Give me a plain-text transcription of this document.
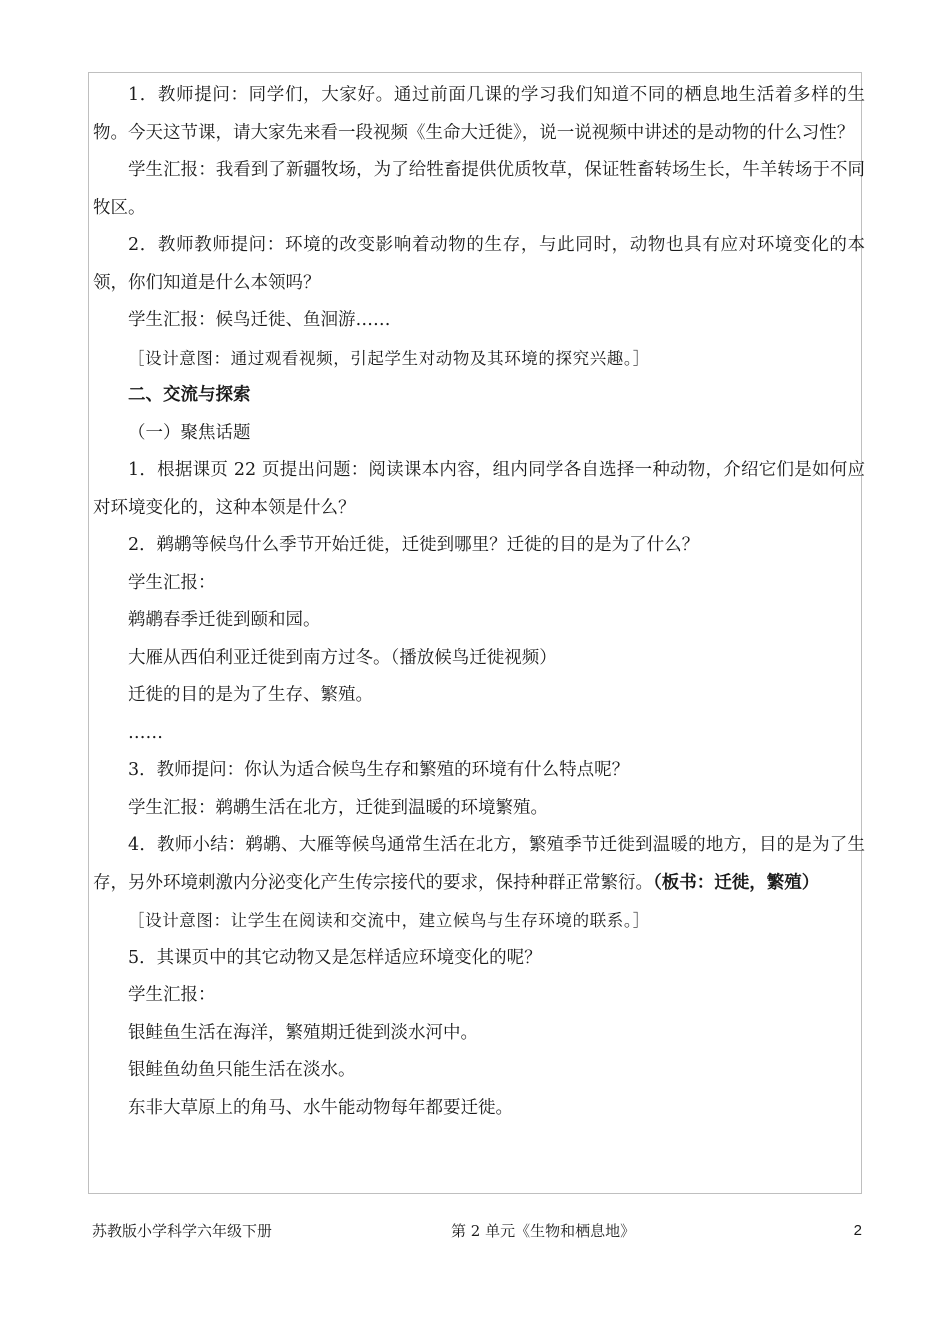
1．教师提问：同学们，大家好。通过前面几课的学习我们知道不同的栖息地生活着多样的生物。今天这节课，请大家先来看一段视频《生命大迁徙》，说一说视频中讲述的是动物的什么习性？

学生汇报：我看到了新疆牧场，为了给牲畜提供优质牧草，保证牲畜转场生长，牛羊转场于不同牧区。

2．教师教师提问：环境的改变影响着动物的生存，与此同时，动物也具有应对环境变化的本领，你们知道是什么本领吗？

学生汇报：候鸟迁徙、鱼洄游……

［设计意图：通过观看视频，引起学生对动物及其环境的探究兴趣。］

二、交流与探索

（一）聚焦话题

1．根据课页 22 页提出问题：阅读课本内容，组内同学各自选择一种动物，介绍它们是如何应对环境变化的，这种本领是什么？

2．鹈鹕等候鸟什么季节开始迁徙，迁徙到哪里？迁徙的目的是为了什么？

学生汇报：

鹈鹕春季迁徙到颐和园。

大雁从西伯利亚迁徙到南方过冬。（播放候鸟迁徙视频）

迁徙的目的是为了生存、繁殖。

……

3．教师提问：你认为适合候鸟生存和繁殖的环境有什么特点呢？

学生汇报：鹈鹕生活在北方，迁徙到温暖的环境繁殖。

4．教师小结：鹈鹕、大雁等候鸟通常生活在北方，繁殖季节迁徙到温暖的地方，目的是为了生存，另外环境刺激内分泌变化产生传宗接代的要求，保持种群正常繁衍。（板书：迁徙，繁殖）

［设计意图：让学生在阅读和交流中，建立候鸟与生存环境的联系。］

5．其课页中的其它动物又是怎样适应环境变化的呢？

学生汇报：

银鲑鱼生活在海洋，繁殖期迁徙到淡水河中。

银鲑鱼幼鱼只能生活在淡水。

东非大草原上的角马、水牛能动物每年都要迁徙。

苏教版小学科学六年级下册	第 2 单元《生物和栖息地》	2
